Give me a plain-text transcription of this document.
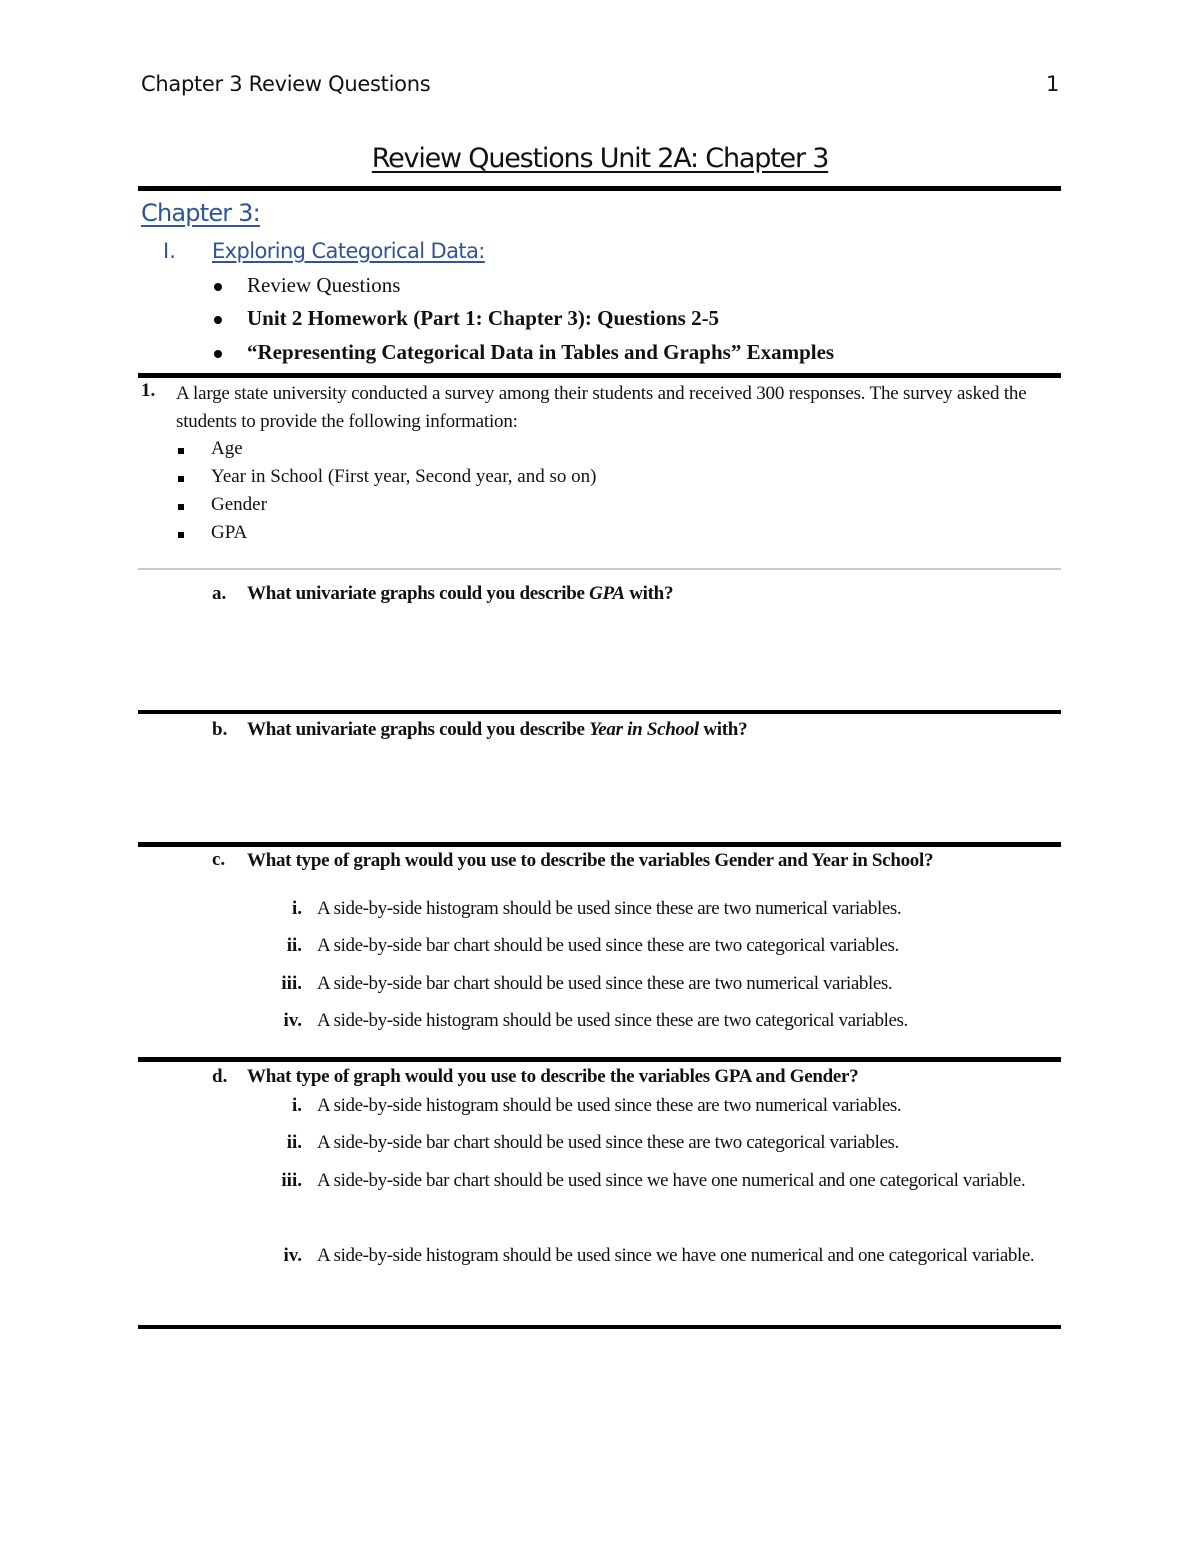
Chapter 3 Review Questions	1
Review Questions Unit 2A: Chapter 3
Chapter 3:
I. Exploring Categorical Data:
Review Questions
Unit 2 Homework (Part 1: Chapter 3): Questions 2-5
“Representing Categorical Data in Tables and Graphs” Examples
1. A large state university conducted a survey among their students and received 300 responses. The survey asked the students to provide the following information:
Age
Year in School (First year, Second year, and so on)
Gender
GPA
a. What univariate graphs could you describe GPA with?
b. What univariate graphs could you describe Year in School with?
c. What type of graph would you use to describe the variables Gender and Year in School?
i. A side-by-side histogram should be used since these are two numerical variables.
ii. A side-by-side bar chart should be used since these are two categorical variables.
iii. A side-by-side bar chart should be used since these are two numerical variables.
iv. A side-by-side histogram should be used since these are two categorical variables.
d. What type of graph would you use to describe the variables GPA and Gender?
i. A side-by-side histogram should be used since these are two numerical variables.
ii. A side-by-side bar chart should be used since these are two categorical variables.
iii. A side-by-side bar chart should be used since we have one numerical and one categorical variable.
iv. A side-by-side histogram should be used since we have one numerical and one categorical variable.
